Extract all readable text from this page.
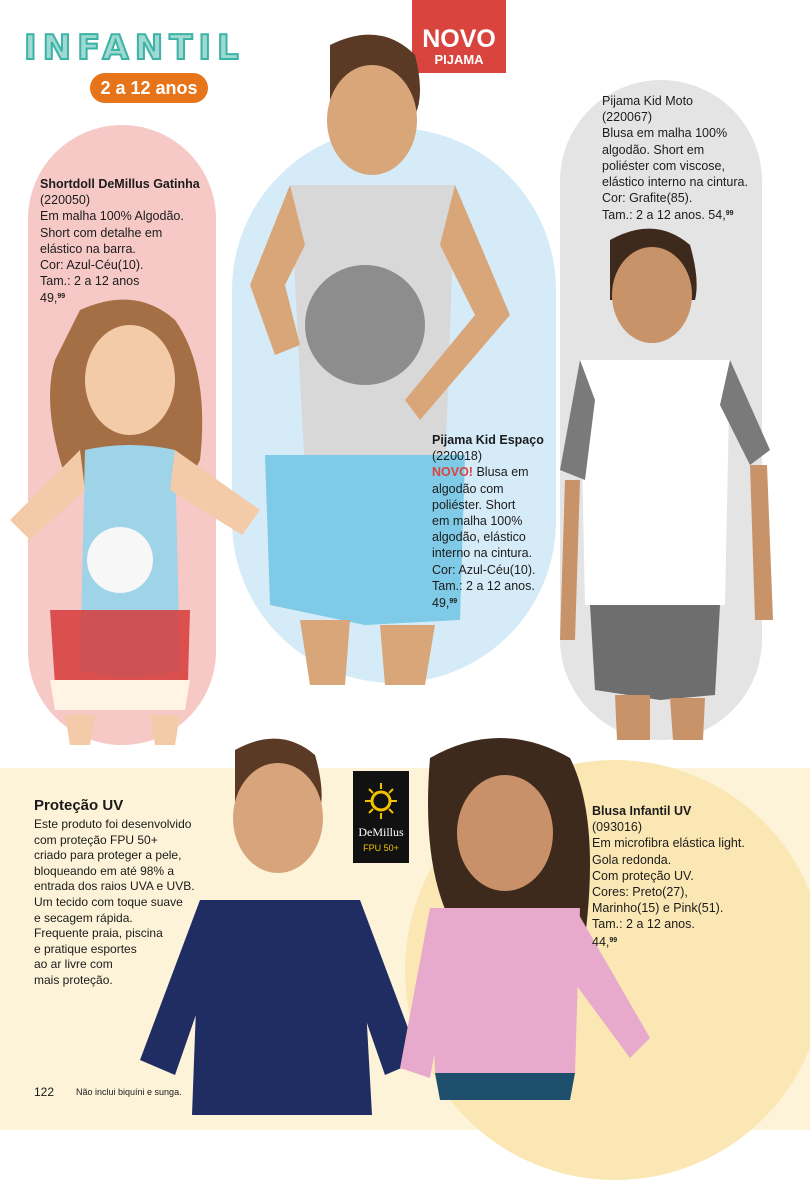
INFANTIL
2 a 12 anos
NOVO
PIJAMA
Shortdoll DeMillus Gatinha
(220050)
Em malha 100% Algodão.
Short com detalhe em
elástico na barra.
Cor: Azul-Céu(10).
Tam.: 2 a 12 anos
49,99
Pijama Kid Espaço
(220018)
NOVO! Blusa em
algodão com
poliéster. Short
em malha 100%
algodão, elástico
interno na cintura.
Cor: Azul-Céu(10).
Tam.: 2 a 12 anos.
49,99
Pijama Kid Moto
(220067)
Blusa em malha 100%
algodão. Short em
poliéster com viscose,
elástico interno na cintura.
Cor: Grafite(85).
Tam.: 2 a 12 anos. 54,99
Proteção UV
Este produto foi desenvolvido
com proteção FPU 50+
criado para proteger a pele,
bloqueando em até 98% a
entrada dos raios UVA e UVB.
Um tecido com toque suave
e secagem rápida.
Frequente praia, piscina
e pratique esportes
ao ar livre com
mais proteção.
Blusa Infantil UV
(093016)
Em microfibra elástica light.
Gola redonda.
Com proteção UV.
Cores: Preto(27),
Marinho(15) e Pink(51).
Tam.: 2 a 12 anos.
44,99
DeMillus
FPU 50+
122 Não inclui biquíni e sunga.
